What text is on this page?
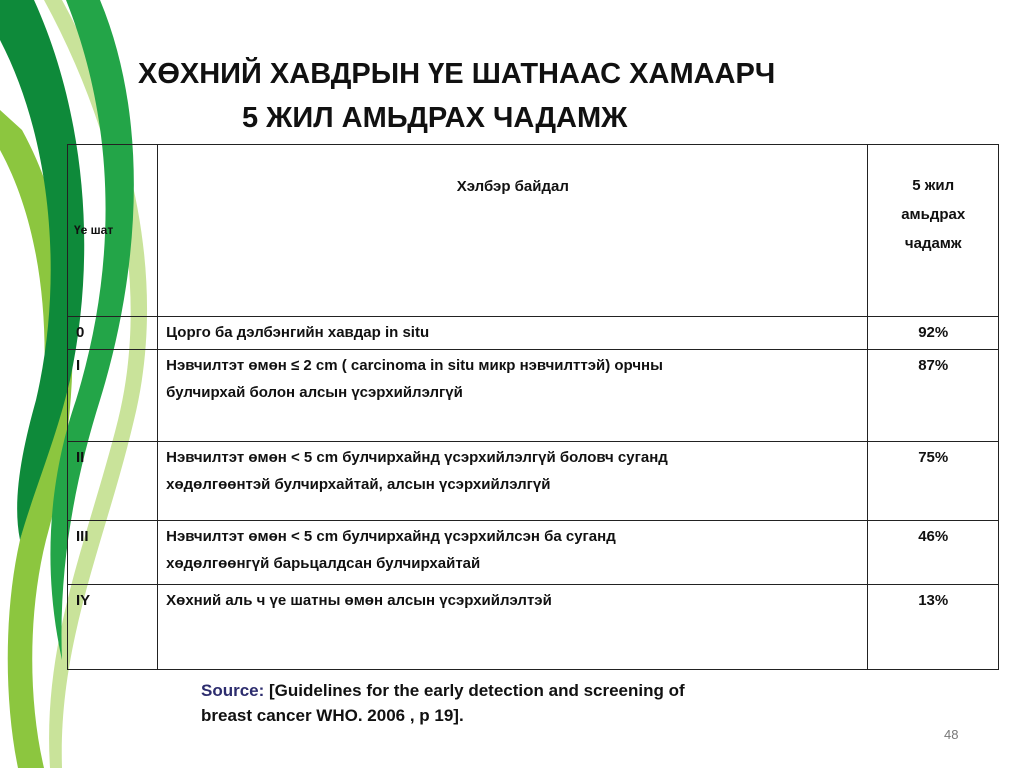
ХӨХНИЙ ХАВДРЫН ҮЕ ШАТНААС ХАМААРЧ
5 ЖИЛ АМЬДРАХ ЧАДАМЖ
Үе шат	Хэлбэр байдал	5 жил
амьдрах
чадамж
0	Цорго ба дэлбэнгийн хавдар in situ	92%
I	Нэвчилтэт өмөн ≤ 2 cm ( carcinoma in situ микр нэвчилттэй) орчны
булчирхай болон алсын үсэрхийлэлгүй	87%
II	Нэвчилтэт өмөн < 5 cm булчирхайнд үсэрхийлэлгүй боловч суганд
хөдөлгөөнтэй булчирхайтай, алсын үсэрхийлэлгүй	75%
III	Нэвчилтэт өмөн < 5 cm булчирхайнд үсэрхийлсэн ба суганд
хөдөлгөөнгүй барьцалдсан булчирхайтай	46%
IY	Хөхний аль ч үе шатны өмөн алсын үсэрхийлэлтэй	13%
Source: [Guidelines for the early detection and screening of
breast cancer WHO. 2006 , p 19].
48
